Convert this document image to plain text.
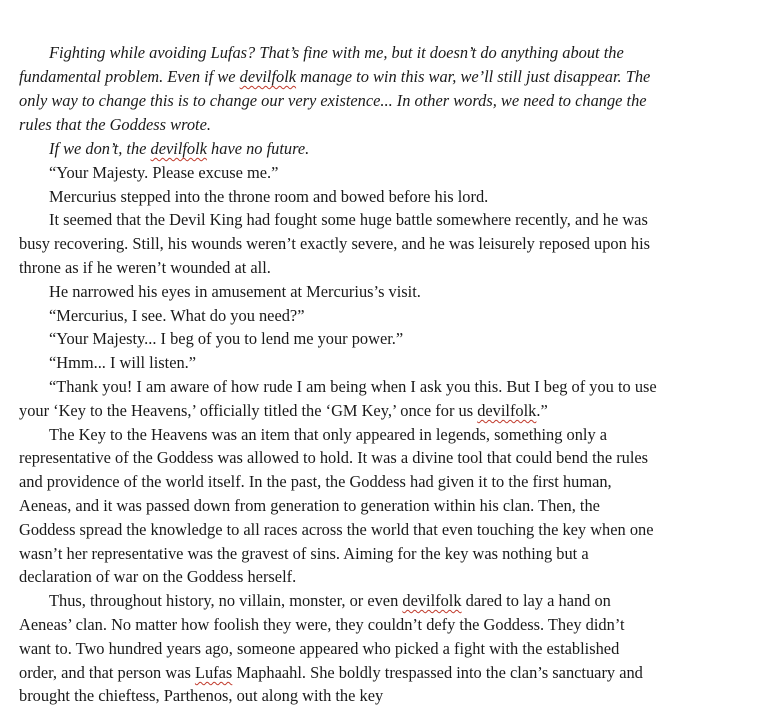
Fighting while avoiding Lufas? That’s fine with me, but it doesn’t do anything about the
fundamental problem. Even if we devilfolk manage to win this war, we’ll still just disappear. The
only way to change this is to change our very existence... In other words, we need to change the
rules that the Goddess wrote.
If we don’t, the devilfolk have no future.
“Your Majesty. Please excuse me.”
Mercurius stepped into the throne room and bowed before his lord.
It seemed that the Devil King had fought some huge battle somewhere recently, and he was
busy recovering. Still, his wounds weren’t exactly severe, and he was leisurely reposed upon his
throne as if he weren’t wounded at all.
He narrowed his eyes in amusement at Mercurius’s visit.
“Mercurius, I see. What do you need?”
“Your Majesty... I beg of you to lend me your power.”
“Hmm... I will listen.”
“Thank you! I am aware of how rude I am being when I ask you this. But I beg of you to use
your ‘Key to the Heavens,’ officially titled the ‘GM Key,’ once for us devilfolk.”
The Key to the Heavens was an item that only appeared in legends, something only a
representative of the Goddess was allowed to hold. It was a divine tool that could bend the rules
and providence of the world itself. In the past, the Goddess had given it to the first human,
Aeneas, and it was passed down from generation to generation within his clan. Then, the
Goddess spread the knowledge to all races across the world that even touching the key when one
wasn’t her representative was the gravest of sins. Aiming for the key was nothing but a
declaration of war on the Goddess herself.
Thus, throughout history, no villain, monster, or even devilfolk dared to lay a hand on
Aeneas’ clan. No matter how foolish they were, they couldn’t defy the Goddess. They didn’t
want to. Two hundred years ago, someone appeared who picked a fight with the established
order, and that person was Lufas Maphaahl. She boldly trespassed into the clan’s sanctuary and
brought the chieftess, Parthenos, out along with the key
